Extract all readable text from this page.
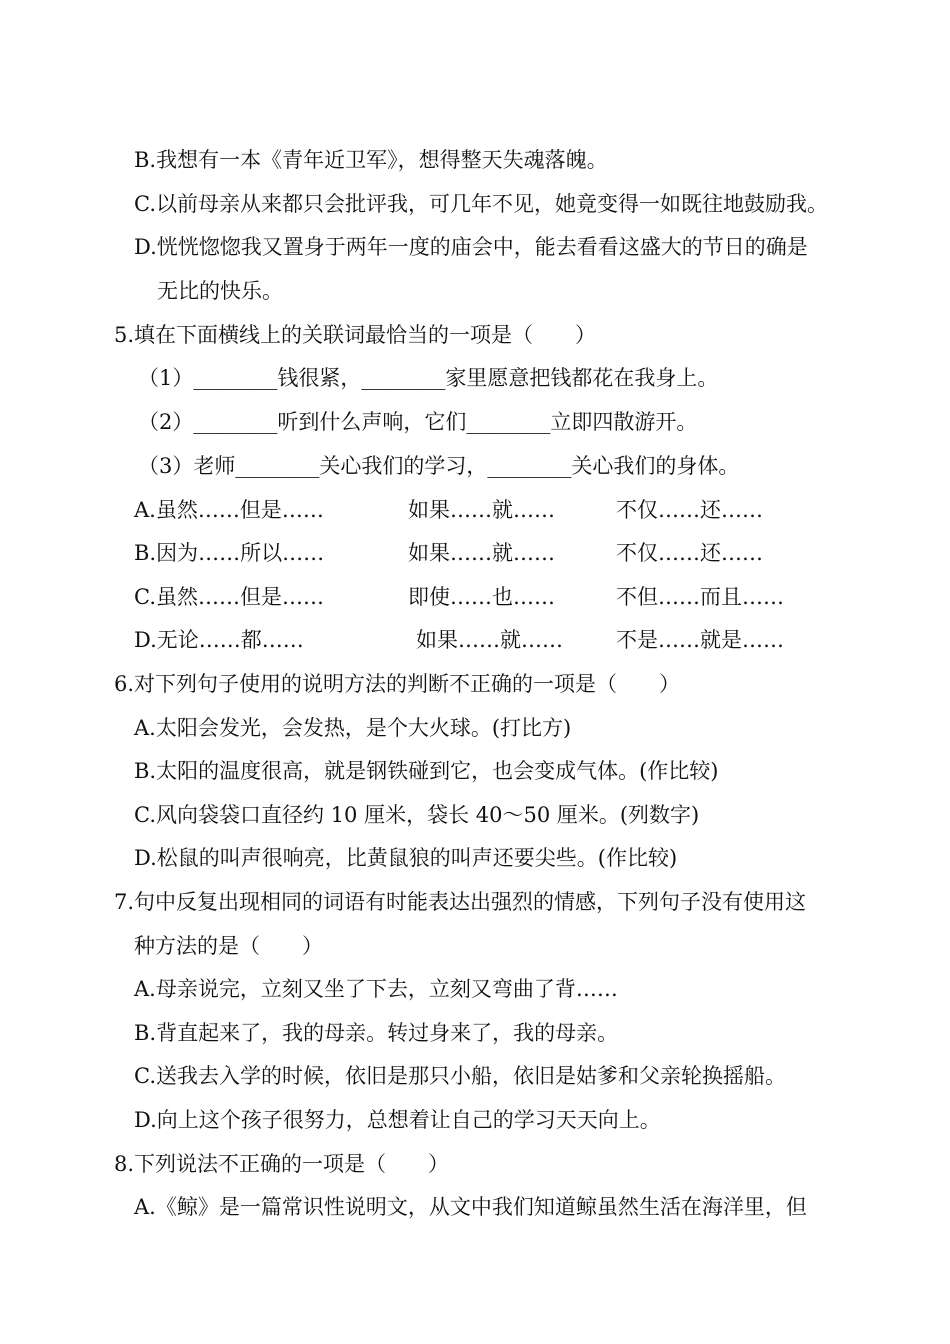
B.我想有一本《青年近卫军》，想得整天失魂落魄。
C.以前母亲从来都只会批评我，可几年不见，她竟变得一如既往地鼓励我。
D.恍恍惚惚我又置身于两年一度的庙会中，能去看看这盛大的节日的确是
无比的快乐。
5.填在下面横线上的关联词最恰当的一项是（　　）
（1）________钱很紧，________家里愿意把钱都花在我身上。
（2）________听到什么声响，它们________立即四散游开。
（3）老师________关心我们的学习，________关心我们的身体。
A.虽然……但是……	如果……就……	不仅……还……
B.因为……所以……	如果……就……	不仅……还……
C.虽然……但是……	即使……也……	不但……而且……
D.无论……都……	如果……就……	不是……就是……
6.对下列句子使用的说明方法的判断不正确的一项是（　　）
A.太阳会发光，会发热，是个大火球。(打比方)
B.太阳的温度很高，就是钢铁碰到它，也会变成气体。(作比较)
C.风向袋袋口直径约 10 厘米，袋长 40～50 厘米。(列数字)
D.松鼠的叫声很响亮，比黄鼠狼的叫声还要尖些。(作比较)
7.句中反复出现相同的词语有时能表达出强烈的情感，下列句子没有使用这
种方法的是（　　）
A.母亲说完，立刻又坐了下去，立刻又弯曲了背……
B.背直起来了，我的母亲。转过身来了，我的母亲。
C.送我去入学的时候，依旧是那只小船，依旧是姑爹和父亲轮换摇船。
D.向上这个孩子很努力，总想着让自己的学习天天向上。
8.下列说法不正确的一项是（　　）
A.《鲸》是一篇常识性说明文，从文中我们知道鲸虽然生活在海洋里，但
